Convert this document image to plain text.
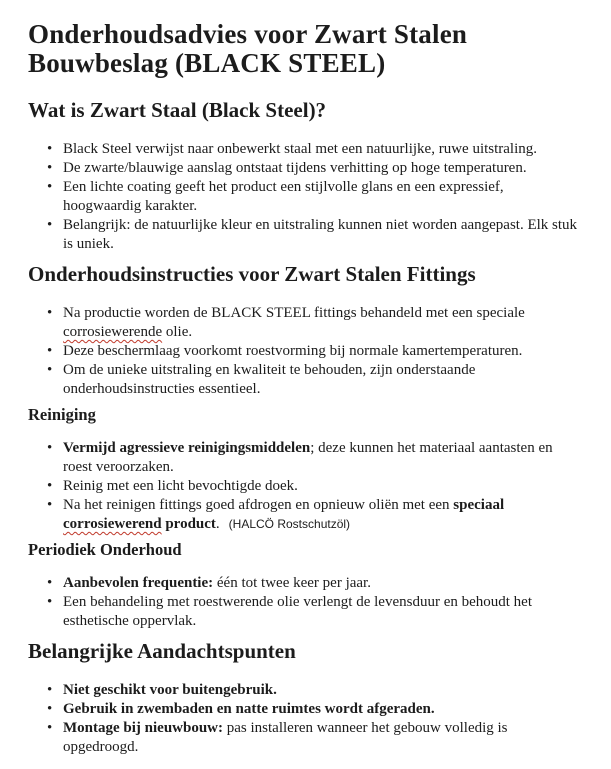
Onderhoudsadvies voor Zwart Stalen Bouwbeslag (BLACK STEEL)
Wat is Zwart Staal (Black Steel)?
• Black Steel verwijst naar onbewerkt staal met een natuurlijke, ruwe uitstraling.
• De zwarte/blauwige aanslag ontstaat tijdens verhitting op hoge temperaturen.
• Een lichte coating geeft het product een stijlvolle glans en een expressief, hoogwaardig karakter.
• Belangrijk: de natuurlijke kleur en uitstraling kunnen niet worden aangepast. Elk stuk is uniek.
Onderhoudsinstructies voor Zwart Stalen Fittings
• Na productie worden de BLACK STEEL fittings behandeld met een speciale corrosiewerende olie.
• Deze beschermlaag voorkomt roestvorming bij normale kamertemperaturen.
• Om de unieke uitstraling en kwaliteit te behouden, zijn onderstaande onderhoudsinstructies essentieel.
Reiniging
• Vermijd agressieve reinigingsmiddelen; deze kunnen het materiaal aantasten en roest veroorzaken.
• Reinig met een licht bevochtigde doek.
• Na het reinigen fittings goed afdrogen en opnieuw oliën met een speciaal corrosiewerend product. (HALCÖ Rostschutzöl)
Periodiek Onderhoud
• Aanbevolen frequentie: één tot twee keer per jaar.
• Een behandeling met roestwerende olie verlengt de levensduur en behoudt het esthetische oppervlak.
Belangrijke Aandachtspunten
• Niet geschikt voor buitengebruik.
• Gebruik in zwembaden en natte ruimtes wordt afgeraden.
• Montage bij nieuwbouw: pas installeren wanneer het gebouw volledig is opgedroogd.
